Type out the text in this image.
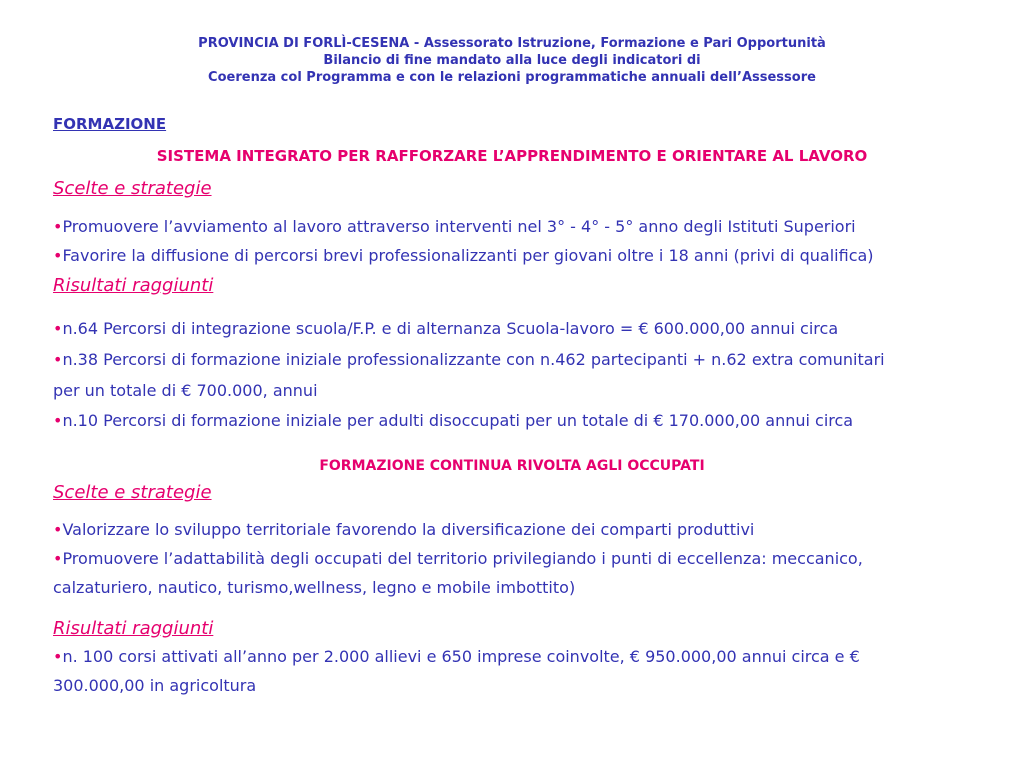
PROVINCIA DI FORLÌ-CESENA - Assessorato Istruzione, Formazione e Pari Opportunità
Bilancio di fine mandato alla luce degli indicatori di
Coerenza col Programma e con le relazioni programmatiche annuali dell’Assessore
FORMAZIONE
SISTEMA INTEGRATO PER RAFFORZARE L’APPRENDIMENTO E ORIENTARE AL LAVORO
Scelte e strategie
•Promuovere l’avviamento al lavoro attraverso interventi nel 3° - 4° - 5° anno degli Istituti Superiori
•Favorire la diffusione di percorsi brevi professionalizzanti per giovani oltre i 18 anni (privi di qualifica)
Risultati raggiunti
•n.64 Percorsi di integrazione scuola/F.P. e di alternanza Scuola-lavoro = € 600.000,00 annui circa
•n.38 Percorsi di formazione iniziale professionalizzante con n.462 partecipanti + n.62 extra comunitari
per un totale di € 700.000, annui
•n.10 Percorsi di formazione iniziale per adulti disoccupati per un totale di € 170.000,00 annui circa
FORMAZIONE CONTINUA RIVOLTA AGLI OCCUPATI
Scelte e strategie
•Valorizzare lo sviluppo territoriale favorendo la diversificazione dei comparti produttivi
•Promuovere l’adattabilità degli occupati del territorio privilegiando i punti di eccellenza: meccanico,
calzaturiero, nautico, turismo,wellness, legno e mobile imbottito)
Risultati raggiunti
•n. 100 corsi attivati all’anno per 2.000 allievi e 650 imprese coinvolte, € 950.000,00 annui circa e €
300.000,00 in agricoltura
